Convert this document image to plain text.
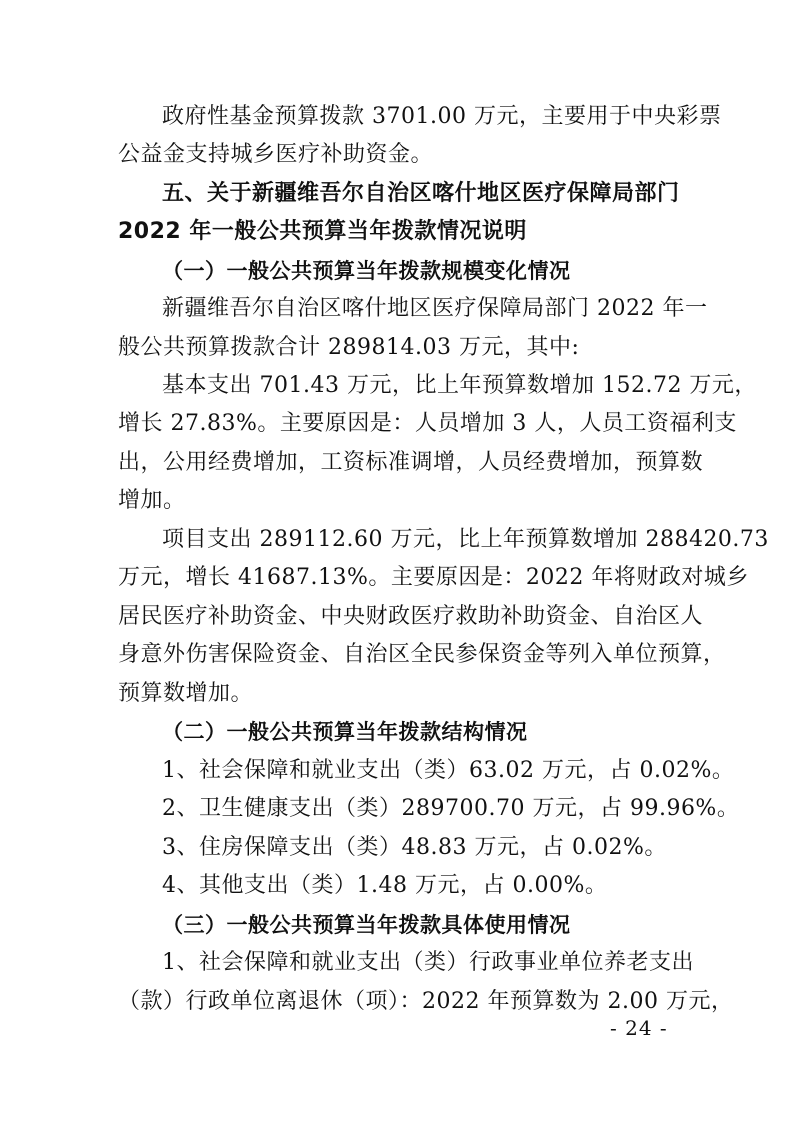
政府性基金预算拨款 3701.00 万元，主要用于中央彩票
公益金支持城乡医疗补助资金。
五、关于新疆维吾尔自治区喀什地区医疗保障局部门
2022 年一般公共预算当年拨款情况说明
（一）一般公共预算当年拨款规模变化情况
新疆维吾尔自治区喀什地区医疗保障局部门 2022 年一
般公共预算拨款合计 289814.03 万元，其中:
基本支出 701.43 万元，比上年预算数增加 152.72 万元，
增长 27.83%。主要原因是：人员增加 3 人，人员工资福利支
出，公用经费增加，工资标准调增，人员经费增加，预算数
增加。
项目支出 289112.60 万元，比上年预算数增加 288420.73
万元，增长 41687.13%。主要原因是：2022 年将财政对城乡
居民医疗补助资金、中央财政医疗救助补助资金、自治区人
身意外伤害保险资金、自治区全民参保资金等列入单位预算，
预算数增加。
（二）一般公共预算当年拨款结构情况
1、社会保障和就业支出（类）63.02 万元，占 0.02%。
2、卫生健康支出（类）289700.70 万元，占 99.96%。
3、住房保障支出（类）48.83 万元，占 0.02%。
4、其他支出（类）1.48 万元，占 0.00%。
（三）一般公共预算当年拨款具体使用情况
1、社会保障和就业支出（类）行政事业单位养老支出
（款）行政单位离退休（项）：2022 年预算数为 2.00 万元，
- 24 -
